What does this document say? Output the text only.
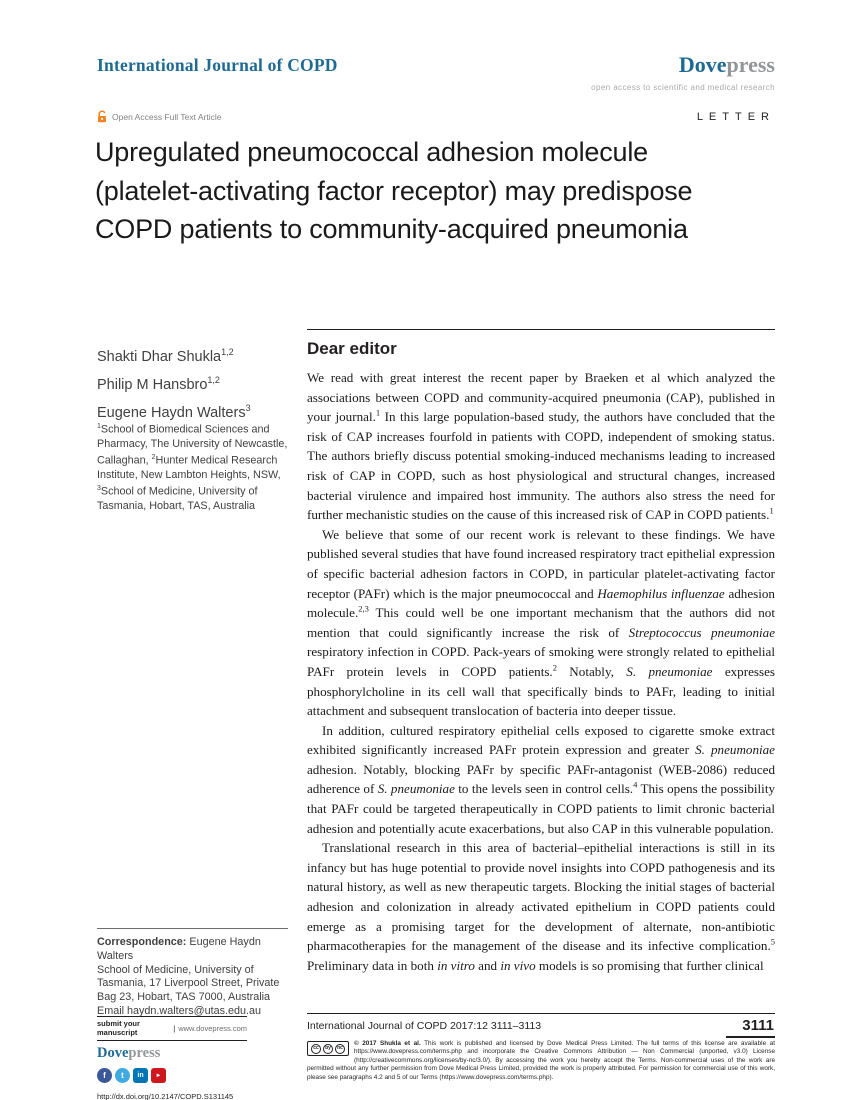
International Journal of COPD	Dovepress
open access to scientific and medical research
Open Access Full Text Article	LETTER
Upregulated pneumococcal adhesion molecule
(platelet-activating factor receptor) may predispose
COPD patients to community-acquired pneumonia
Shakti Dhar Shukla$^{1,2}$
Philip M Hansbro$^{1,2}$
Eugene Haydn Walters$^3$
$^1$School of Biomedical Sciences and Pharmacy, The University of Newcastle, Callaghan, $^2$Hunter Medical Research Institute, New Lambton Heights, NSW, $^3$School of Medicine, University of Tasmania, Hobart, TAS, Australia
Correspondence: Eugene Haydn Walters
School of Medicine, University of Tasmania, 17 Liverpool Street, Private Bag 23, Hobart, TAS 7000, Australia
Email haydn.walters@utas.edu.au
Dear editor

We read with great interest the recent paper by Braeken et al which analyzed the associations between COPD and community-acquired pneumonia (CAP), published in your journal.$^1$ In this large population-based study, the authors have concluded that the risk of CAP increases fourfold in patients with COPD, independent of smoking status. The authors briefly discuss potential smoking-induced mechanisms leading to increased risk of CAP in COPD, such as host physiological and structural changes, increased bacterial virulence and impaired host immunity. The authors also stress the need for further mechanistic studies on the cause of this increased risk of CAP in COPD patients.$^1$

We believe that some of our recent work is relevant to these findings. We have published several studies that have found increased respiratory tract epithelial expression of specific bacterial adhesion factors in COPD, in particular platelet-activating factor receptor (PAFr) which is the major pneumococcal and Haemophilus influenzae adhesion molecule.$^{2,3}$ This could well be one important mechanism that the authors did not mention that could significantly increase the risk of Streptococcus pneumoniae respiratory infection in COPD. Pack-years of smoking were strongly related to epithelial PAFr protein levels in COPD patients.$^2$ Notably, S. pneumoniae expresses phosphorylcholine in its cell wall that specifically binds to PAFr, leading to initial attachment and subsequent translocation of bacteria into deeper tissue.

In addition, cultured respiratory epithelial cells exposed to cigarette smoke extract exhibited significantly increased PAFr protein expression and greater S. pneumoniae adhesion. Notably, blocking PAFr by specific PAFr-antagonist (WEB-2086) reduced adherence of S. pneumoniae to the levels seen in control cells.$^4$ This opens the possibility that PAFr could be targeted therapeutically in COPD patients to limit chronic bacterial adhesion and potentially acute exacerbations, but also CAP in this vulnerable population.

Translational research in this area of bacterial–epithelial interactions is still in its infancy but has huge potential to provide novel insights into COPD pathogenesis and its natural history, as well as new therapeutic targets. Blocking the initial stages of bacterial adhesion and colonization in already activated epithelium in COPD patients could emerge as a promising target for the development of alternate, non-antibiotic pharmacotherapies for the management of the disease and its infective complication.$^5$ Preliminary data in both in vitro and in vivo models is so promising that further clinical

submit your manuscript	| www.dovepress.com
Dovepress
f	t	in	►
http://dx.doi.org/10.2147/COPD.S131145
International Journal of COPD 2017:12 3111–3113	3111
cc	by	nc
© 2017 Shukla et al. This work is published and licensed by Dove Medical Press Limited. The full terms of this license are available at https://www.dovepress.com/terms.php and incorporate the Creative Commons Attribution — Non Commercial (unported, v3.0) License (http://creativecommons.org/licenses/by-nc/3.0/). By accessing the work you hereby accept the Terms. Non-commercial uses of the work are permitted without any further permission from Dove Medical Press Limited, provided the work is properly attributed. For permission for commercial use of this work, please see paragraphs 4.2 and 5 of our Terms (https://www.dovepress.com/terms.php).
